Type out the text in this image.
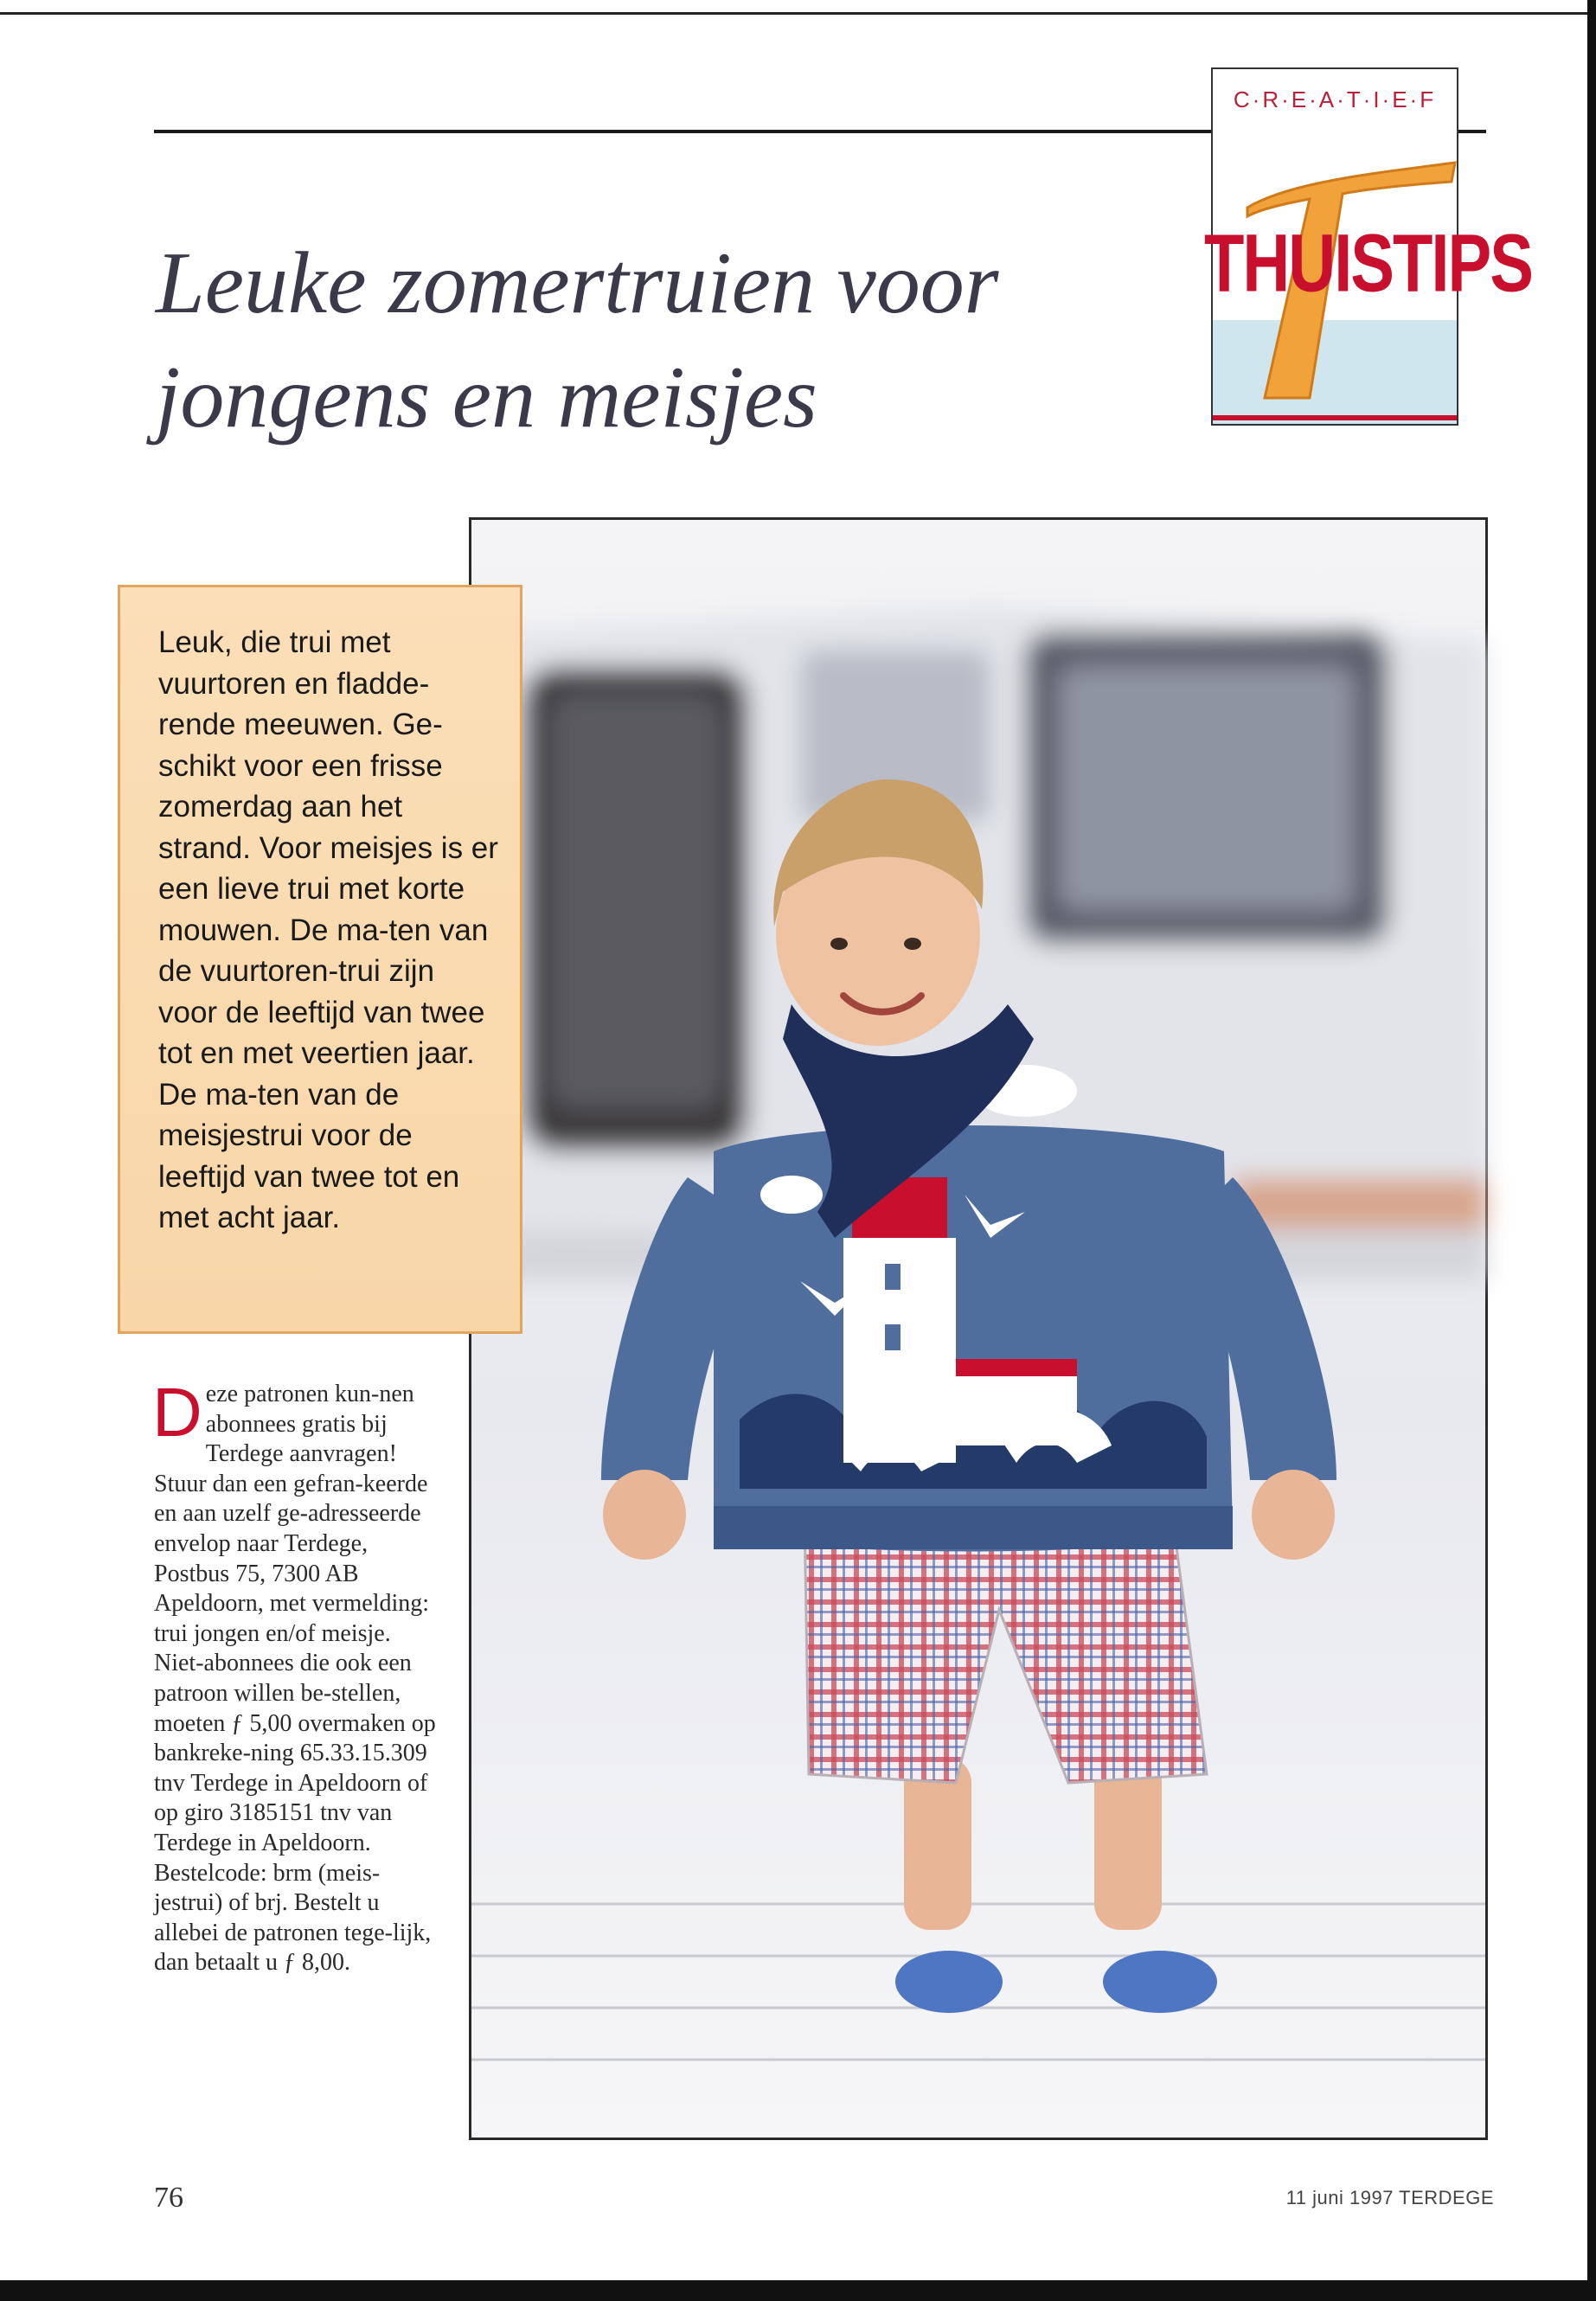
C·R·E·A·T·I·E·F
THUISTIPS
Leuke zomertruien voor
jongens en meisjes
Leuk, die trui met vuurtoren en fladde-rende meeuwen. Ge-schikt voor een frisse zomerdag aan het strand. Voor meisjes is er een lieve trui met korte mouwen. De ma-ten van de vuurtoren-trui zijn voor de leeftijd van twee tot en met veertien jaar. De ma-ten van de meisjestrui voor de leeftijd van twee tot en met acht jaar.
Deze patronen kun-nen abonnees gratis bij Terdege aanvragen! Stuur dan een gefran-keerde en aan uzelf ge-adresseerde envelop naar Terdege, Postbus 75, 7300 AB Apeldoorn, met vermelding: trui jongen en/of meisje. Niet-abonnees die ook een patroon willen be-stellen, moeten ƒ 5,00 overmaken op bankreke-ning 65.33.15.309 tnv Terdege in Apeldoorn of op giro 3185151 tnv van Terdege in Apeldoorn. Bestelcode: brm (meis-jestrui) of brj. Bestelt u allebei de patronen tege-lijk, dan betaalt u ƒ 8,00.
76	11 juni 1997 TERDEGE
